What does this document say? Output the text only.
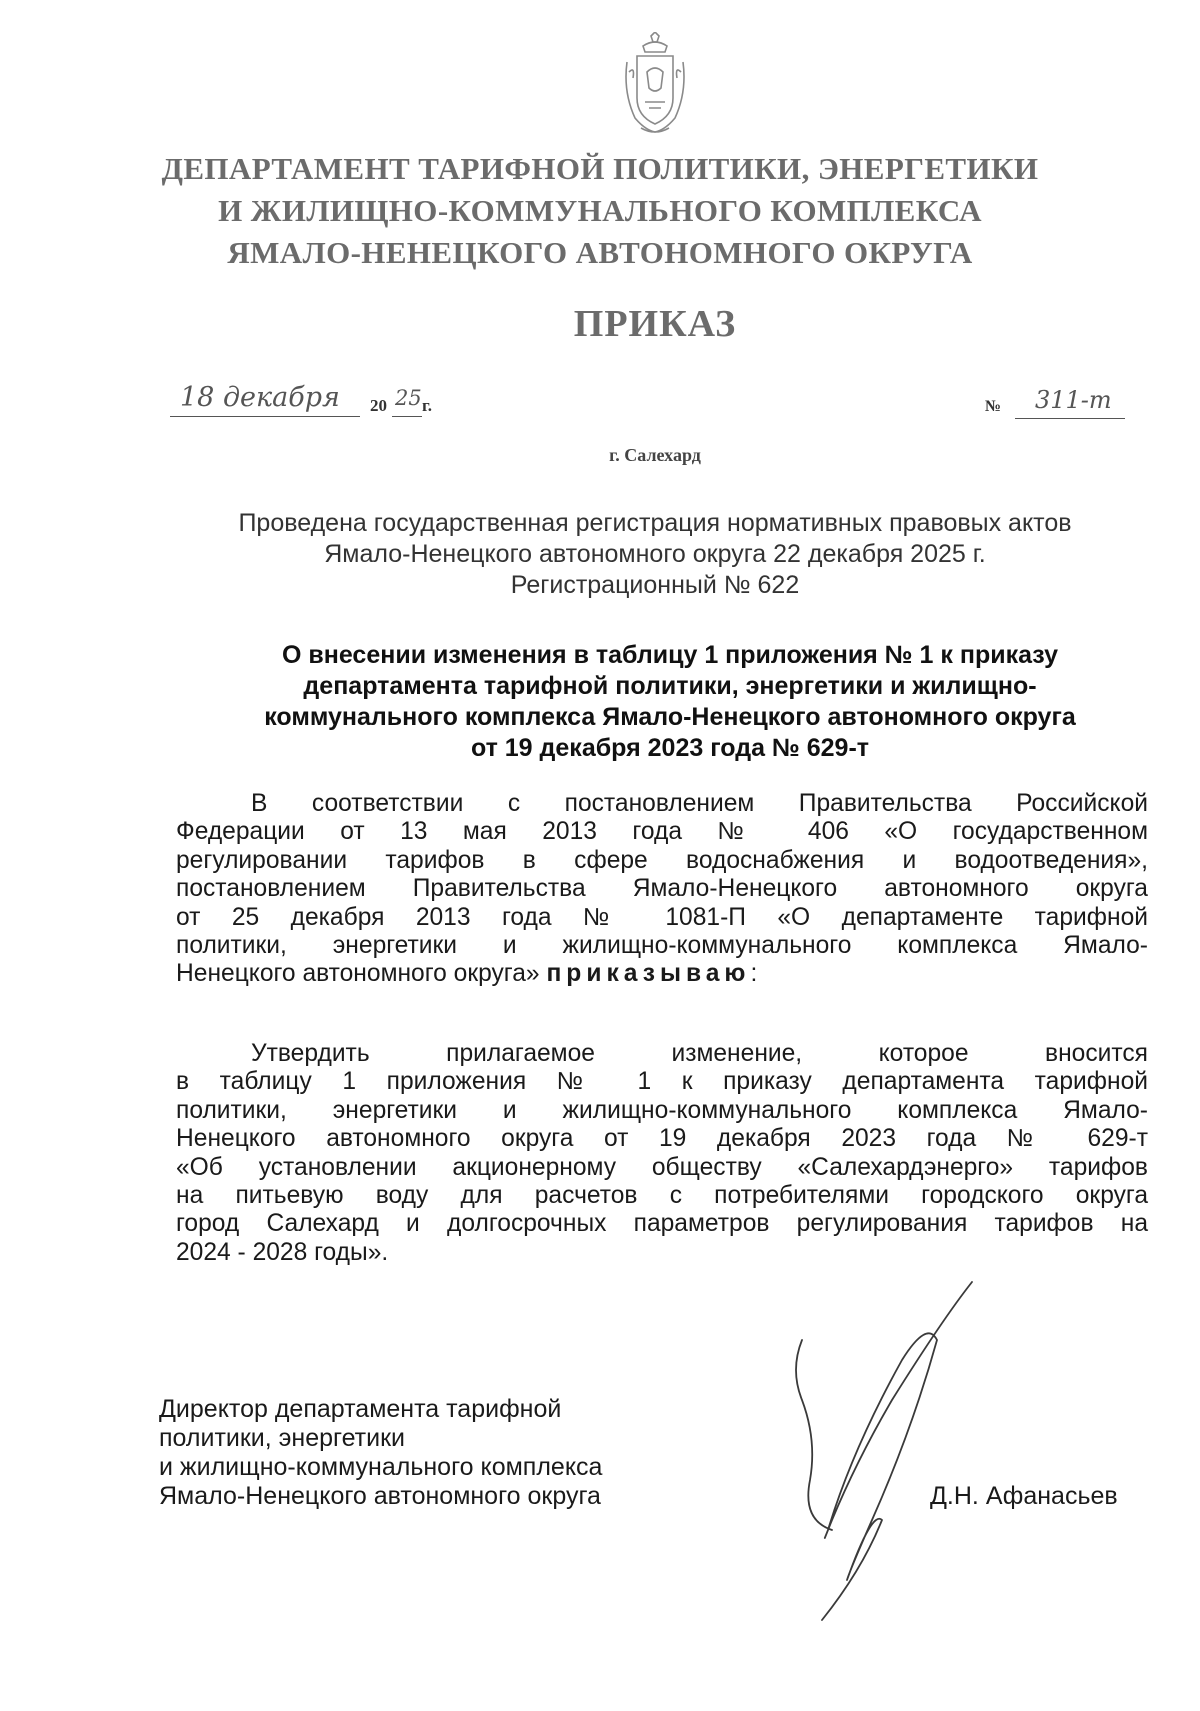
ДЕПАРТАМЕНТ ТАРИФНОЙ ПОЛИТИКИ, ЭНЕРГЕТИКИ
И ЖИЛИЩНО-КОММУНАЛЬНОГО КОМПЛЕКСА
ЯМАЛО-НЕНЕЦКОГО АВТОНОМНОГО ОКРУГА
ПРИКАЗ
18 декабря 20 25 г.	№ 311-т
г. Салехард
Проведена государственная регистрация нормативных правовых актов
Ямало-Ненецкого автономного округа 22 декабря 2025 г.
Регистрационный № 622
О внесении изменения в таблицу 1 приложения № 1 к приказу
департамента тарифной политики, энергетики и жилищно-
коммунального комплекса Ямало-Ненецкого автономного округа
от 19 декабря 2023 года № 629-т
В соответствии с постановлением Правительства Российской
Федерации от 13 мая 2013 года № 406 «О государственном
регулировании тарифов в сфере водоснабжения и водоотведения»,
постановлением Правительства Ямало-Ненецкого автономного округа
от 25 декабря 2013 года № 1081-П «О департаменте тарифной
политики, энергетики и жилищно-коммунального комплекса Ямало-
Ненецкого автономного округа» приказываю:
Утвердить прилагаемое изменение, которое вносится
в таблицу 1 приложения № 1 к приказу департамента тарифной
политики, энергетики и жилищно-коммунального комплекса Ямало-
Ненецкого автономного округа от 19 декабря 2023 года № 629-т
«Об установлении акционерному обществу «Салехардэнерго» тарифов
на питьевую воду для расчетов с потребителями городского округа
город Салехард и долгосрочных параметров регулирования тарифов на
2024 - 2028 годы».
Директор департамента тарифной
политики, энергетики
и жилищно-коммунального комплекса
Ямало-Ненецкого автономного округа	Д.Н. Афанасьев
